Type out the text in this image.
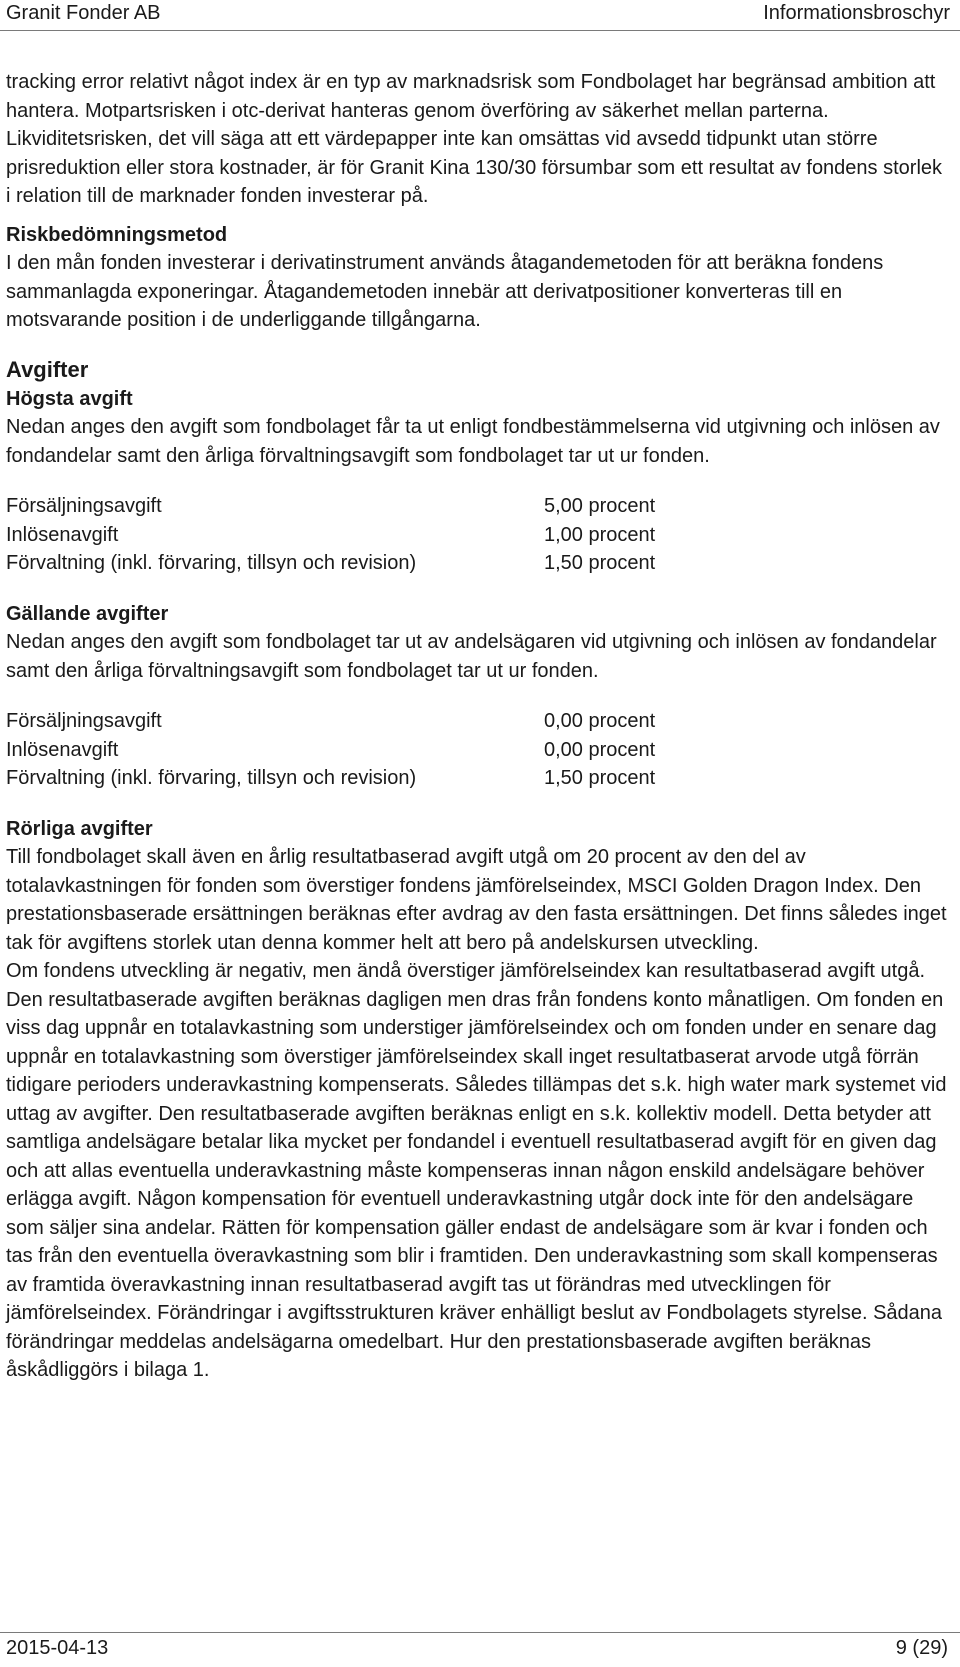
Granit Fonder AB	Informationsbroschyr

tracking error relativt något index är en typ av marknadsrisk som Fondbolaget har begränsad ambition att hantera. Motpartsrisken i otc-derivat hanteras genom överföring av säkerhet mellan parterna. Likviditetsrisken, det vill säga att ett värdepapper inte kan omsättas vid avsedd tidpunkt utan större prisreduktion eller stora kostnader, är för Granit Kina 130/30 försumbar som ett resultat av fondens storlek i relation till de marknader fonden investerar på.

Riskbedömningsmetod

I den mån fonden investerar i derivatinstrument används åtagandemetoden för att beräkna fondens sammanlagda exponeringar. Åtagandemetoden innebär att derivatpositioner konverteras till en motsvarande position i de underliggande tillgångarna.

Avgifter

Högsta avgift

Nedan anges den avgift som fondbolaget får ta ut enligt fondbestämmelserna vid utgivning och inlösen av fondandelar samt den årliga förvaltningsavgift som fondbolaget tar ut ur fonden.

Försäljningsavgift	5,00 procent
Inlösenavgift	1,00 procent
Förvaltning (inkl. förvaring, tillsyn och revision)	1,50 procent

Gällande avgifter

Nedan anges den avgift som fondbolaget tar ut av andelsägaren vid utgivning och inlösen av fondandelar samt den årliga förvaltningsavgift som fondbolaget tar ut ur fonden.

Försäljningsavgift	0,00 procent
Inlösenavgift	0,00 procent
Förvaltning (inkl. förvaring, tillsyn och revision)	1,50 procent

Rörliga avgifter

Till fondbolaget skall även en årlig resultatbaserad avgift utgå om 20 procent av den del av totalavkastningen för fonden som överstiger fondens jämförelseindex, MSCI Golden Dragon Index. Den prestationsbaserade ersättningen beräknas efter avdrag av den fasta ersättningen. Det finns således inget tak för avgiftens storlek utan denna kommer helt att bero på andelskursen utveckling.

Om fondens utveckling är negativ, men ändå överstiger jämförelseindex kan resultatbaserad avgift utgå. Den resultatbaserade avgiften beräknas dagligen men dras från fondens konto månatligen. Om fonden en viss dag uppnår en totalavkastning som understiger jämförelseindex och om fonden under en senare dag uppnår en totalavkastning som överstiger jämförelseindex skall inget resultatbaserat arvode utgå förrän tidigare perioders underavkastning kompenserats. Således tillämpas det s.k. high water mark systemet vid uttag av avgifter. Den resultatbaserade avgiften beräknas enligt en s.k. kollektiv modell. Detta betyder att samtliga andelsägare betalar lika mycket per fondandel i eventuell resultatbaserad avgift för en given dag och att allas eventuella underavkastning måste kompenseras innan någon enskild andelsägare behöver erlägga avgift. Någon kompensation för eventuell underavkastning utgår dock inte för den andelsägare som säljer sina andelar. Rätten för kompensation gäller endast de andelsägare som är kvar i fonden och tas från den eventuella överavkastning som blir i framtiden. Den underavkastning som skall kompenseras av framtida överavkastning innan resultatbaserad avgift tas ut förändras med utvecklingen för jämförelseindex. Förändringar i avgiftsstrukturen kräver enhälligt beslut av Fondbolagets styrelse. Sådana förändringar meddelas andelsägarna omedelbart. Hur den prestationsbaserade avgiften beräknas åskådliggörs i bilaga 1.

2015-04-13	9 (29)
